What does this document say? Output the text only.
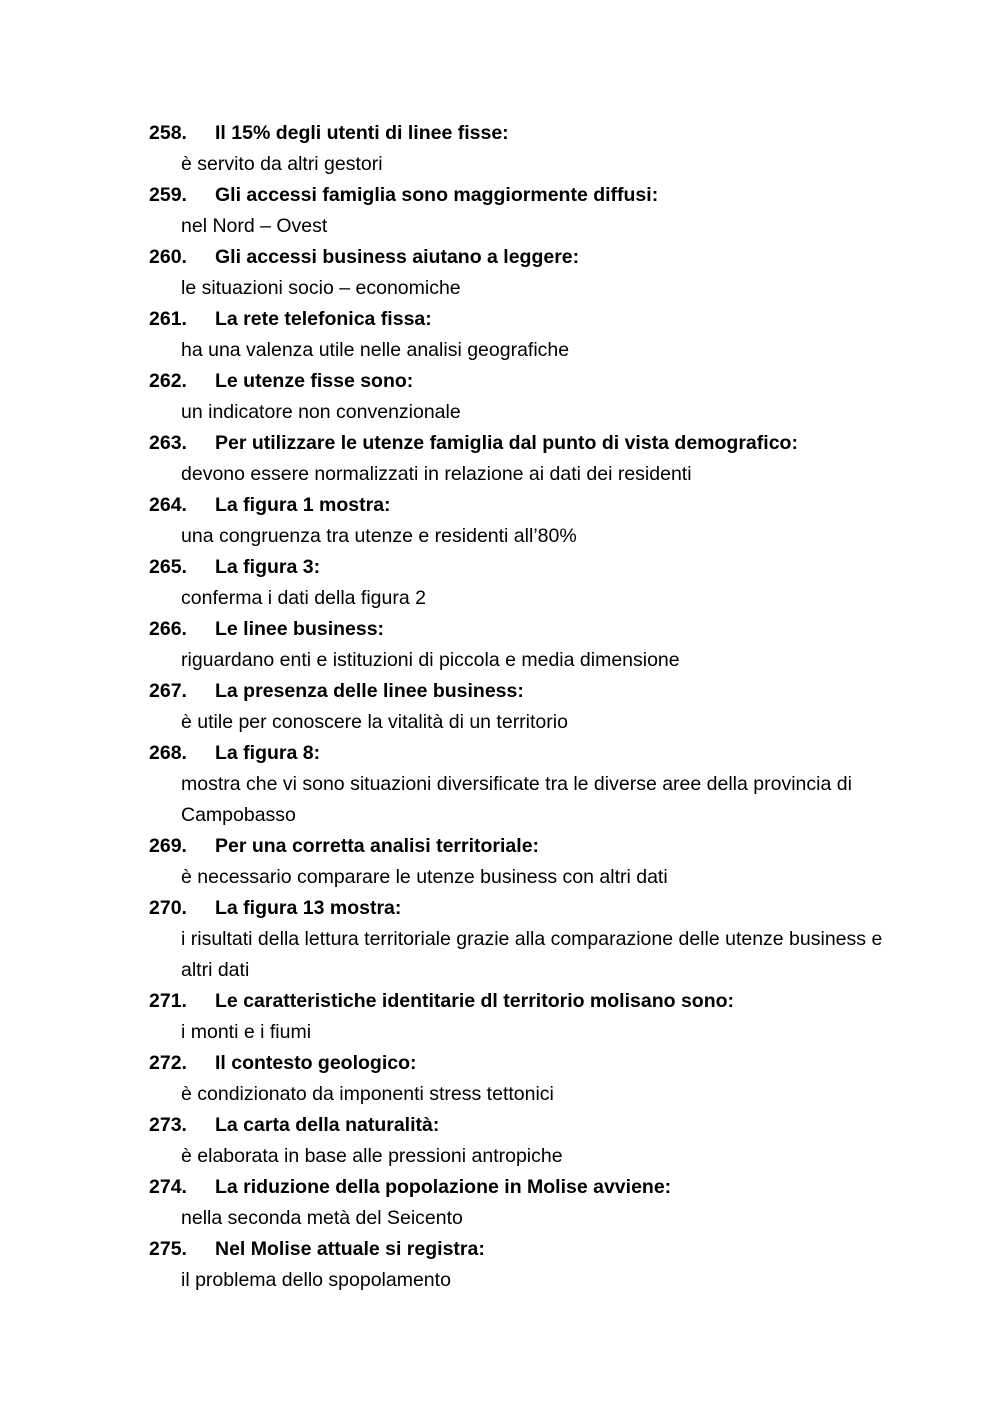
258.	Il 15% degli utenti di linee fisse:
è servito da altri gestori
259.	Gli accessi famiglia sono maggiormente diffusi:
nel Nord – Ovest
260.	Gli accessi business aiutano a leggere:
le situazioni socio – economiche
261.	La rete telefonica fissa:
ha una valenza utile nelle analisi geografiche
262.	Le utenze fisse sono:
un indicatore non convenzionale
263.	Per utilizzare le utenze famiglia dal punto di vista demografico:
devono essere normalizzati in relazione ai dati dei residenti
264.	La figura 1 mostra:
una congruenza tra utenze e residenti all’80%
265.	La figura 3:
conferma i dati della figura 2
266.	Le linee business:
riguardano enti e istituzioni di piccola e media dimensione
267.	La presenza delle linee business:
è utile per conoscere la vitalità di un territorio
268.	La figura 8:
mostra che vi sono situazioni diversificate tra le diverse aree della provincia di Campobasso
269.	Per una corretta analisi territoriale:
è necessario comparare le utenze business con altri dati
270.	La figura 13 mostra:
i risultati della lettura territoriale grazie alla comparazione delle utenze business e altri dati
271.	Le caratteristiche identitarie dl territorio molisano sono:
i monti e i fiumi
272.	Il contesto geologico:
è condizionato da imponenti stress tettonici
273.	La carta della naturalità:
è elaborata in base alle pressioni antropiche
274.	La riduzione della popolazione in Molise avviene:
nella seconda metà del Seicento
275.	Nel Molise attuale si registra:
il problema dello spopolamento
